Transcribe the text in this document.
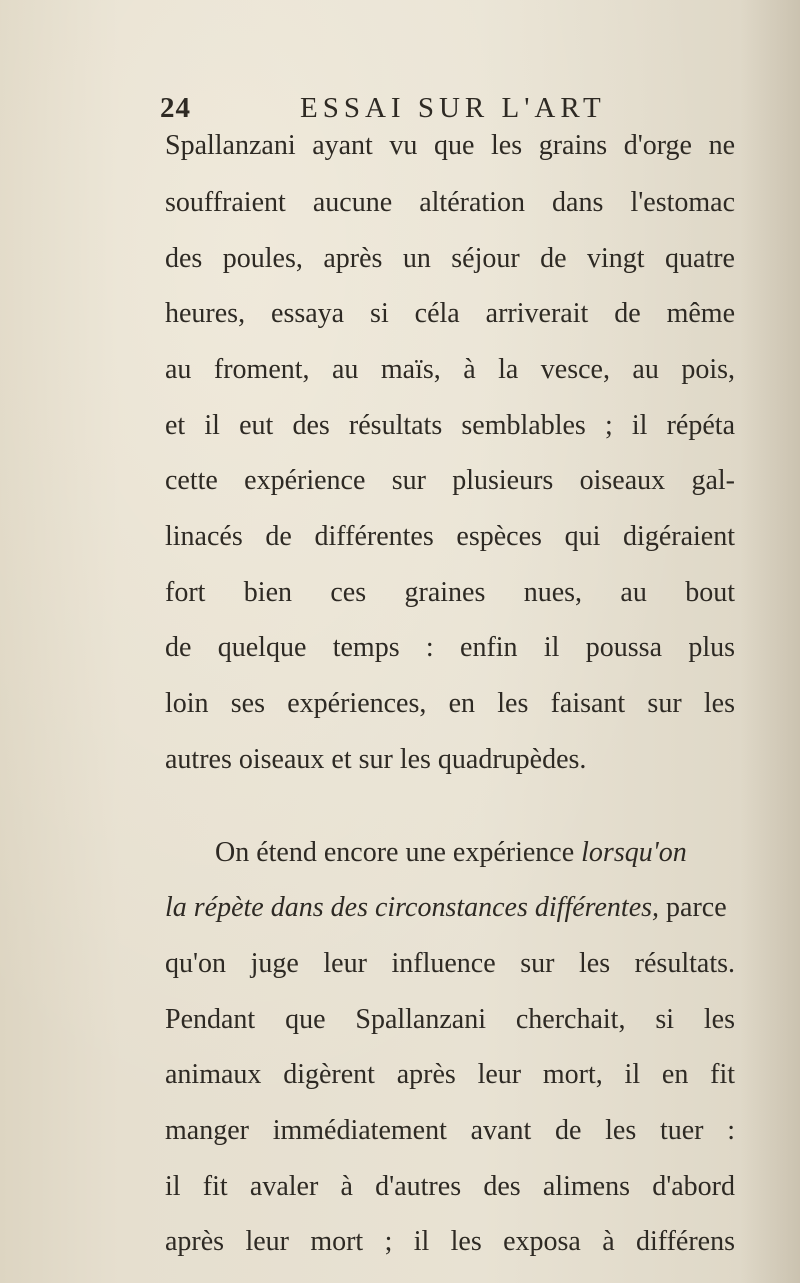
24	ESSAI SUR L'ART
Spallanzani ayant vu que les grains d'orge ne
souffraient aucune altération dans l'estomac
des poules, après un séjour de vingt quatre
heures, essaya si céla arriverait de même
au froment, au maïs, à la vesce, au pois,
et il eut des résultats semblables ; il répéta
cette expérience sur plusieurs oiseaux gal-
linacés de différentes espèces qui digéraient
fort bien ces graines nues, au bout
de quelque temps : enfin il poussa plus
loin ses expériences, en les faisant sur les
autres oiseaux et sur les quadrupèdes.
On étend encore une expérience lorsqu'on
la répète dans des circonstances différentes, parce
qu'on juge leur influence sur les résultats.
Pendant que Spallanzani cherchait, si les
animaux digèrent après leur mort, il en fit
manger immédiatement avant de les tuer :
il fit avaler à d'autres des alimens d'abord
après leur mort ; il les exposa à différens
